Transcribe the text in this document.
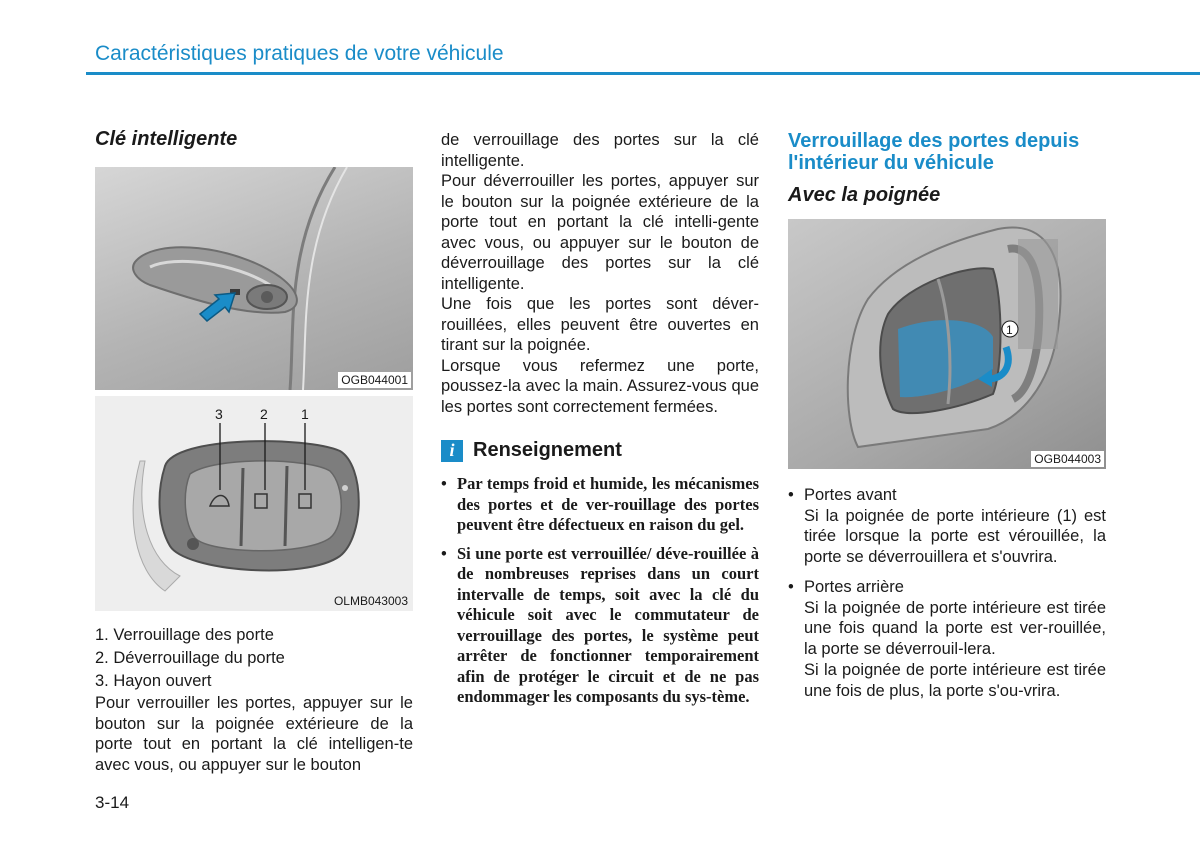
Caractéristiques pratiques de votre véhicule
Clé intelligente
OGB044001
3	2 1
OLMB043003
1. Verrouillage des porte
2. Déverrouillage du porte
3. Hayon ouvert

Pour verrouiller les portes, appuyer sur le bouton sur la poignée extérieure de la porte tout en portant la clé intelligen-te avec vous, ou appuyer sur le bouton

de verrouillage des portes sur la clé intelligente.

Pour déverrouiller les portes, appuyer sur le bouton sur la poignée extérieure de la porte tout en portant la clé intelli-gente avec vous, ou appuyer sur le bouton de déverrouillage des portes sur la clé intelligente.

Une fois que les portes sont déver-rouillées, elles peuvent être ouvertes en tirant sur la poignée.

Lorsque vous refermez une porte, poussez-la avec la main. Assurez-vous que les portes sont correctement fermées.

i Renseignement
• Par temps froid et humide, les mécanismes des portes et de ver-rouillage des portes peuvent être défectueux en raison du gel.
• Si une porte est verrouillée/ déve-rouillée à de nombreuses reprises dans un court intervalle de temps, soit avec la clé du véhicule soit avec le commutateur de verrouillage des portes, le système peut arrêter de fonctionner temporairement afin de protéger le circuit et de ne pas endommager les composants du sys-tème.
Verrouillage des portes depuis l'intérieur du véhicule
Avec la poignée
1
OGB044003
• Portes avant
Si la poignée de porte intérieure (1) est tirée lorsque la porte est vérouillée, la porte se déverrouillera et s'ouvrira.
• Portes arrière
Si la poignée de porte intérieure est tirée une fois quand la porte est ver-rouillée, la porte se déverrouil-lera.
Si la poignée de porte intérieure est tirée une fois de plus, la porte s'ou-vrira.
3-14
